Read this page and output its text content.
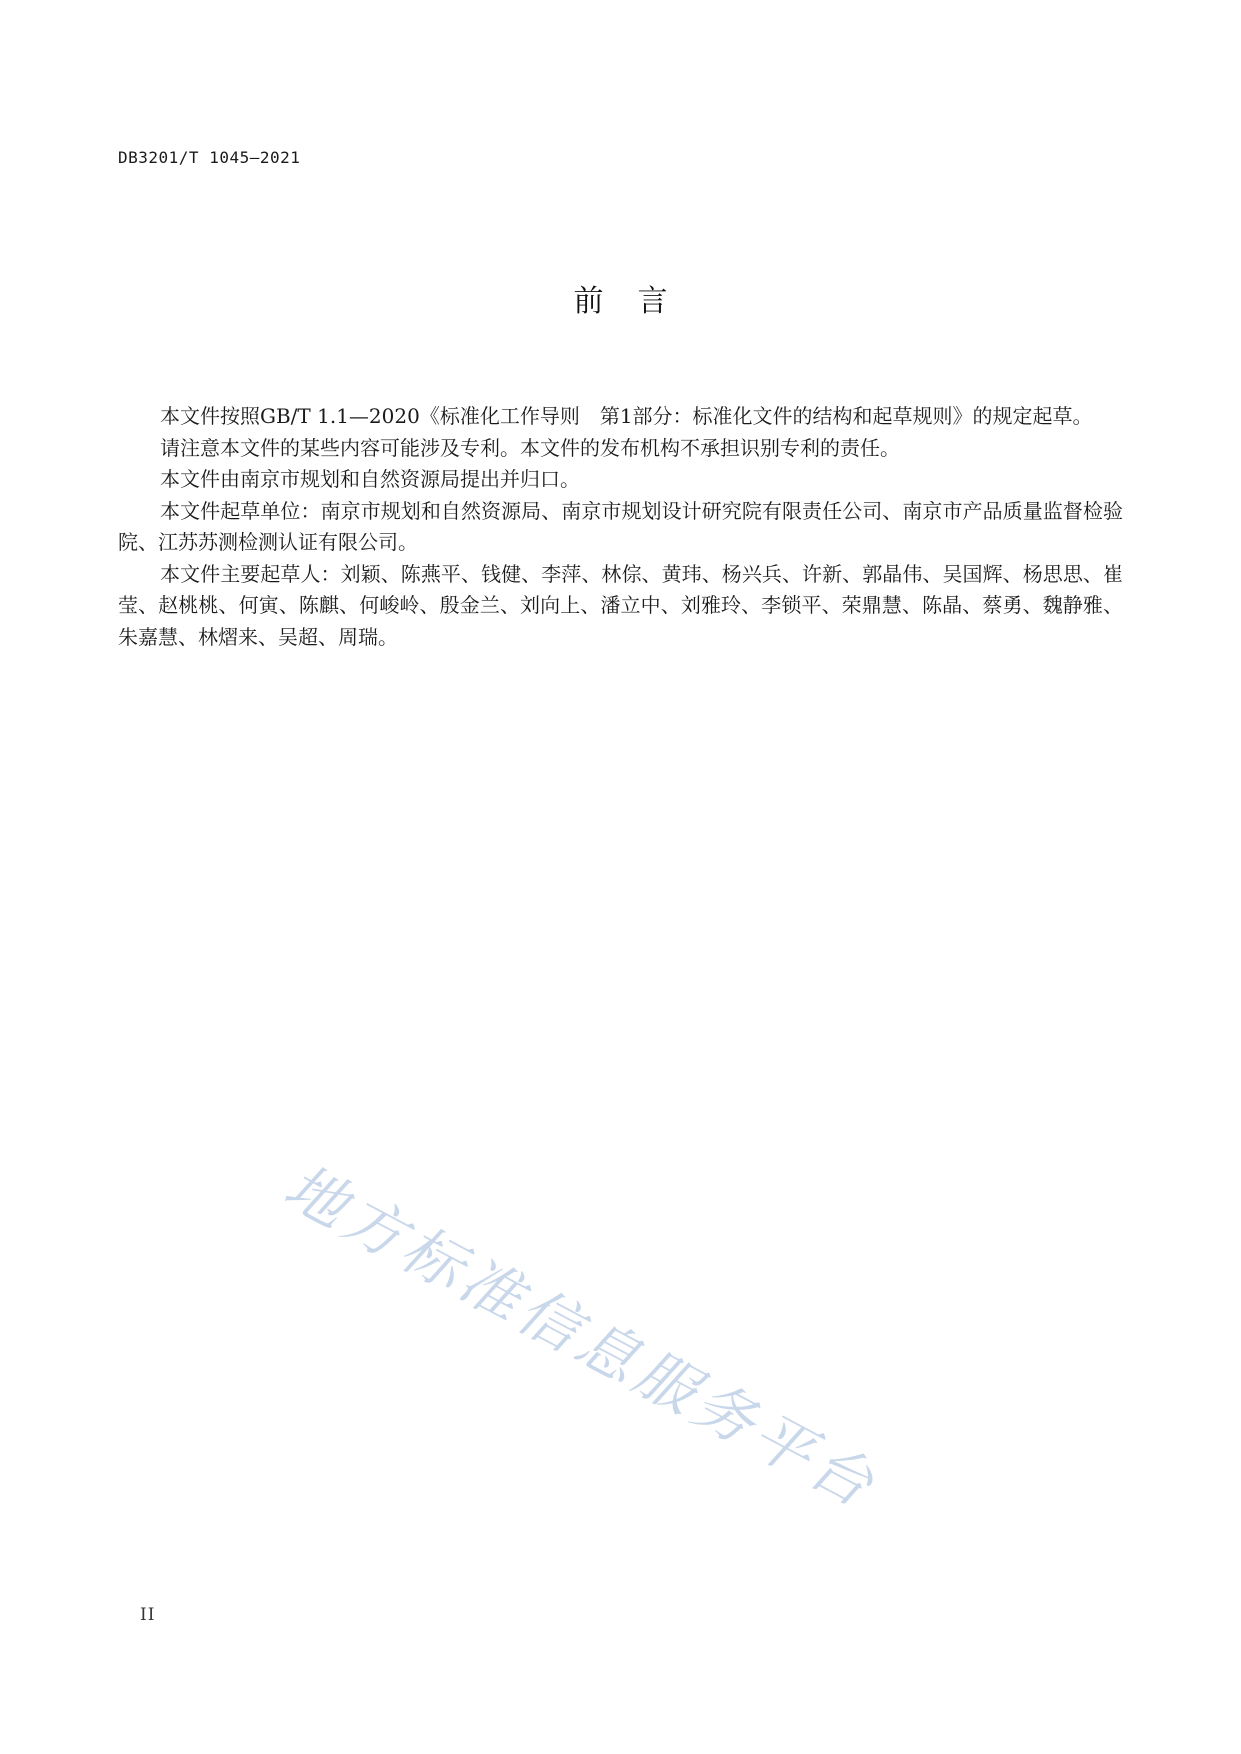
DB3201/T 1045—2021
前言

本文件按照GB/T 1.1—2020《标准化工作导则　第1部分：标准化文件的结构和起草规则》的规定起草。

请注意本文件的某些内容可能涉及专利。本文件的发布机构不承担识别专利的责任。

本文件由南京市规划和自然资源局提出并归口。

本文件起草单位：南京市规划和自然资源局、南京市规划设计研究院有限责任公司、南京市产品质量监督检验院、江苏苏测检测认证有限公司。

本文件主要起草人：刘颖、陈燕平、钱健、李萍、林倧、黄玮、杨兴兵、许新、郭晶伟、吴国辉、杨思思、崔莹、赵桃桃、何寅、陈麒、何峻岭、殷金兰、刘向上、潘立中、刘雅玲、李锁平、荣鼎慧、陈晶、蔡勇、魏静雅、朱嘉慧、林熠来、吴超、周瑞。

地方标准信息服务平台
II
